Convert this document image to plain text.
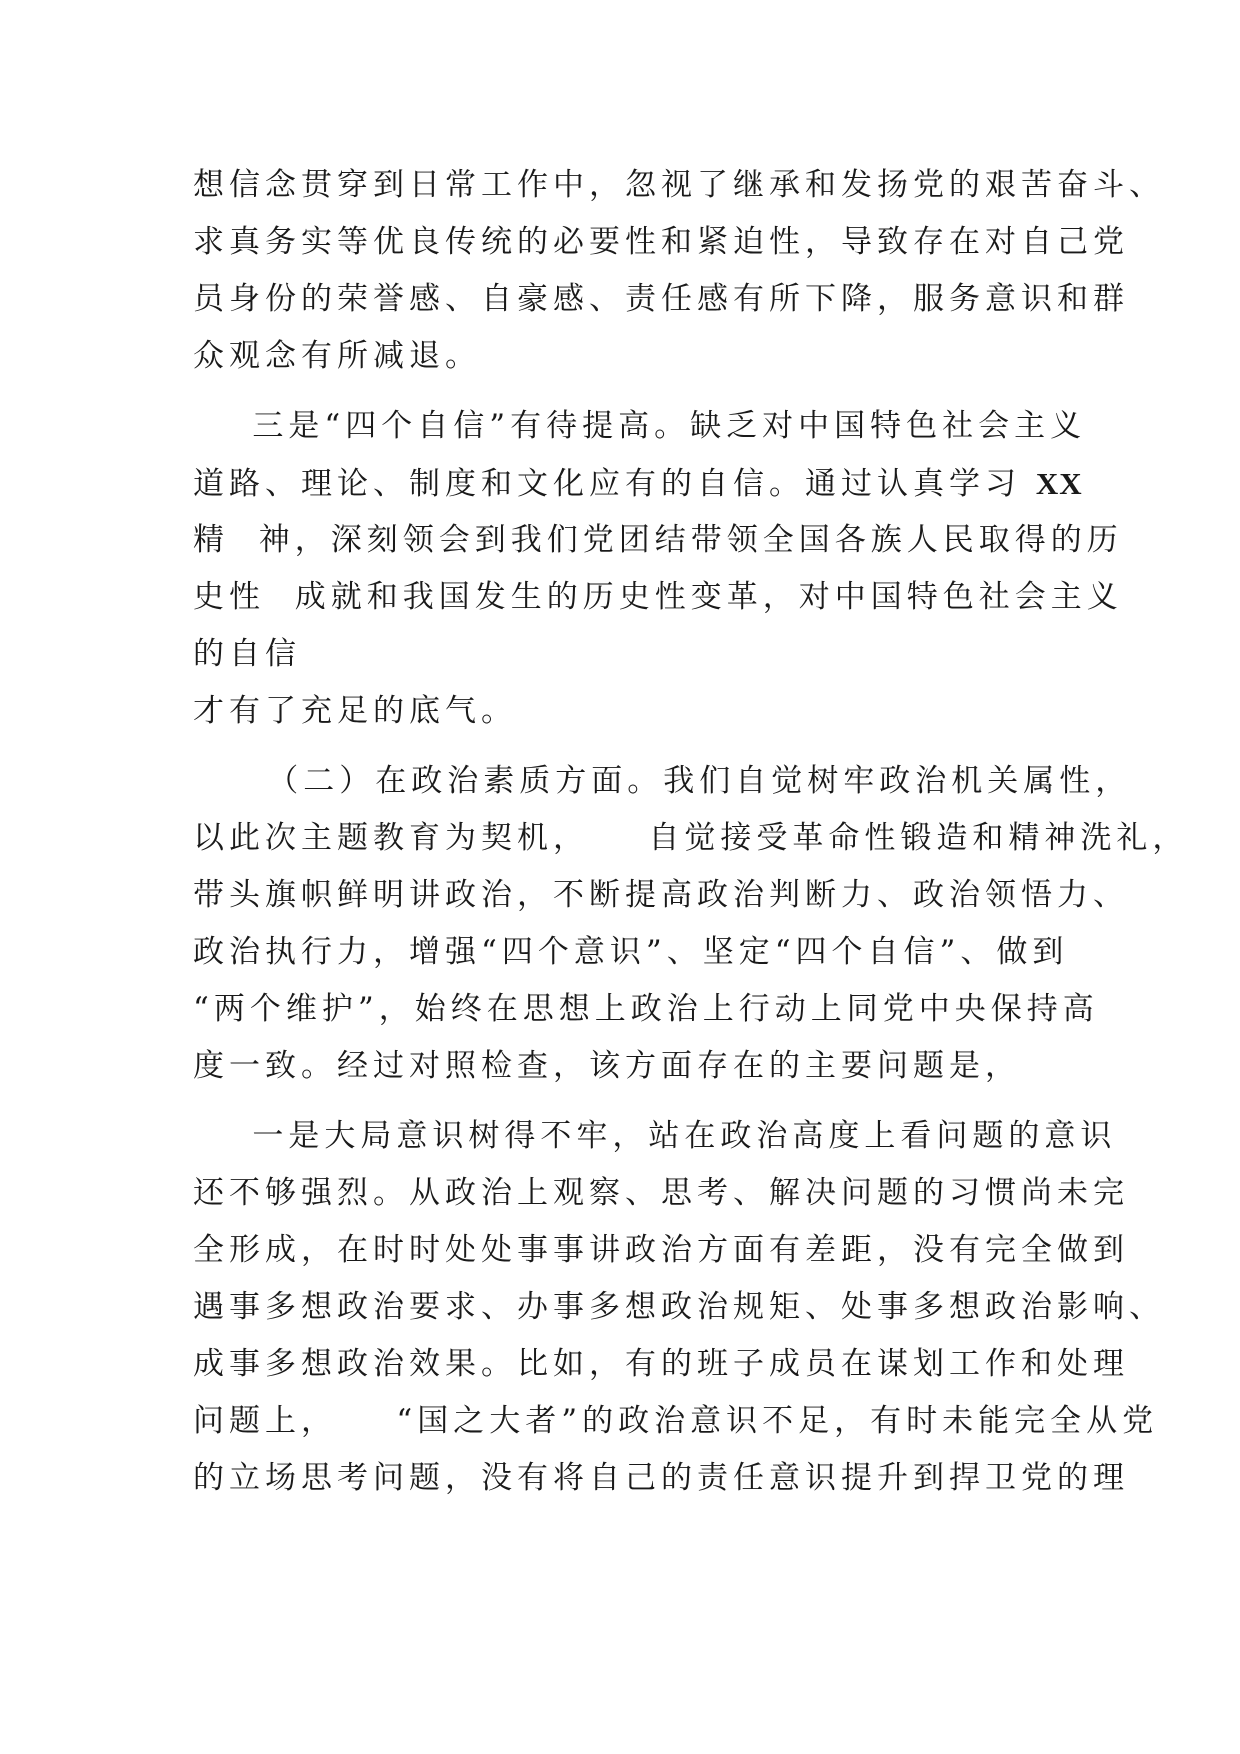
想信念贯穿到日常工作中，忽视了继承和发扬党的艰苦奋斗、
求真务实等优良传统的必要性和紧迫性，导致存在对自己党
员身份的荣誉感、自豪感、责任感有所下降，服务意识和群
众观念有所减退。
三是“四个自信”有待提高。缺乏对中国特色社会主义
道路、理论、制度和文化应有的自信。通过认真学习 XX
精  神，深刻领会到我们党团结带领全国各族人民取得的历
史性  成就和我国发生的历史性变革，对中国特色社会主义
的自信
才有了充足的底气。
（二）在政治素质方面。我们自觉树牢政治机关属性，
以此次主题教育为契机，    自觉接受革命性锻造和精神洗礼，
带头旗帜鲜明讲政治，不断提高政治判断力、政治领悟力、
政治执行力，增强“四个意识”、坚定“四个自信”、做到
“两个维护”，始终在思想上政治上行动上同党中央保持高
度一致。经过对照检查，该方面存在的主要问题是，
一是大局意识树得不牢，站在政治高度上看问题的意识
还不够强烈。从政治上观察、思考、解决问题的习惯尚未完
全形成，在时时处处事事讲政治方面有差距，没有完全做到
遇事多想政治要求、办事多想政治规矩、处事多想政治影响、
成事多想政治效果。比如，有的班子成员在谋划工作和处理
问题上，    “国之大者”的政治意识不足，有时未能完全从党
的立场思考问题，没有将自己的责任意识提升到捍卫党的理
